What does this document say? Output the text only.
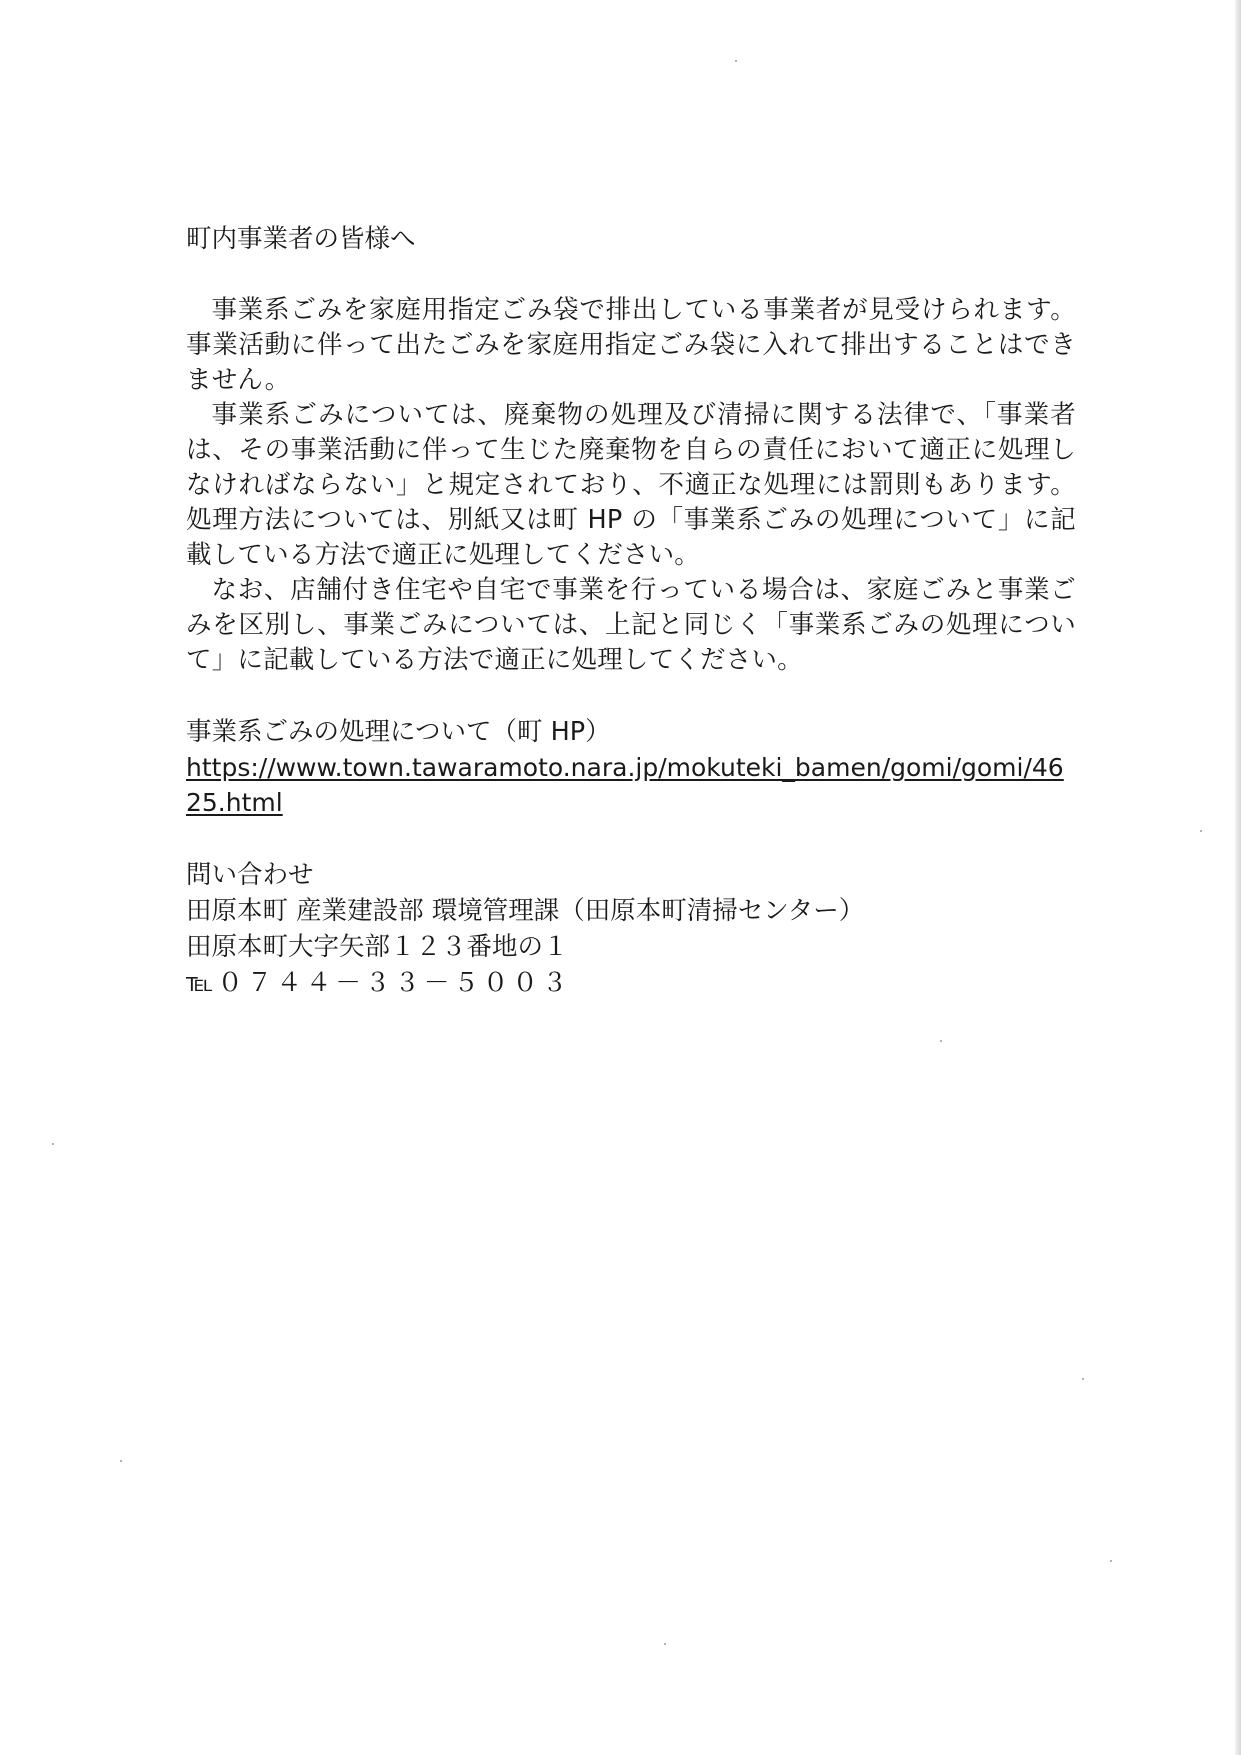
町内事業者の皆様へ

事業系ごみを家庭用指定ごみ袋で排出している事業者が見受けられます。事業活動に伴って出たごみを家庭用指定ごみ袋に入れて排出することはできません。

事業系ごみについては、廃棄物の処理及び清掃に関する法律で、「事業者は、その事業活動に伴って生じた廃棄物を自らの責任において適正に処理しなければならない」と規定されており、不適正な処理には罰則もあります。処理方法については、別紙又は町 HP の「事業系ごみの処理について」に記載している方法で適正に処理してください。

なお、店舗付き住宅や自宅で事業を行っている場合は、家庭ごみと事業ごみを区別し、事業ごみについては、上記と同じく「事業系ごみの処理について」に記載している方法で適正に処理してください。

事業系ごみの処理について（町 HP）
https://www.town.tawaramoto.nara.jp/mokuteki_bamen/gomi/gomi/4625.html
問い合わせ
田原本町 産業建設部 環境管理課（田原本町清掃センター）
田原本町大字矢部１２３番地の１
℡０７４４－３３－５００３
